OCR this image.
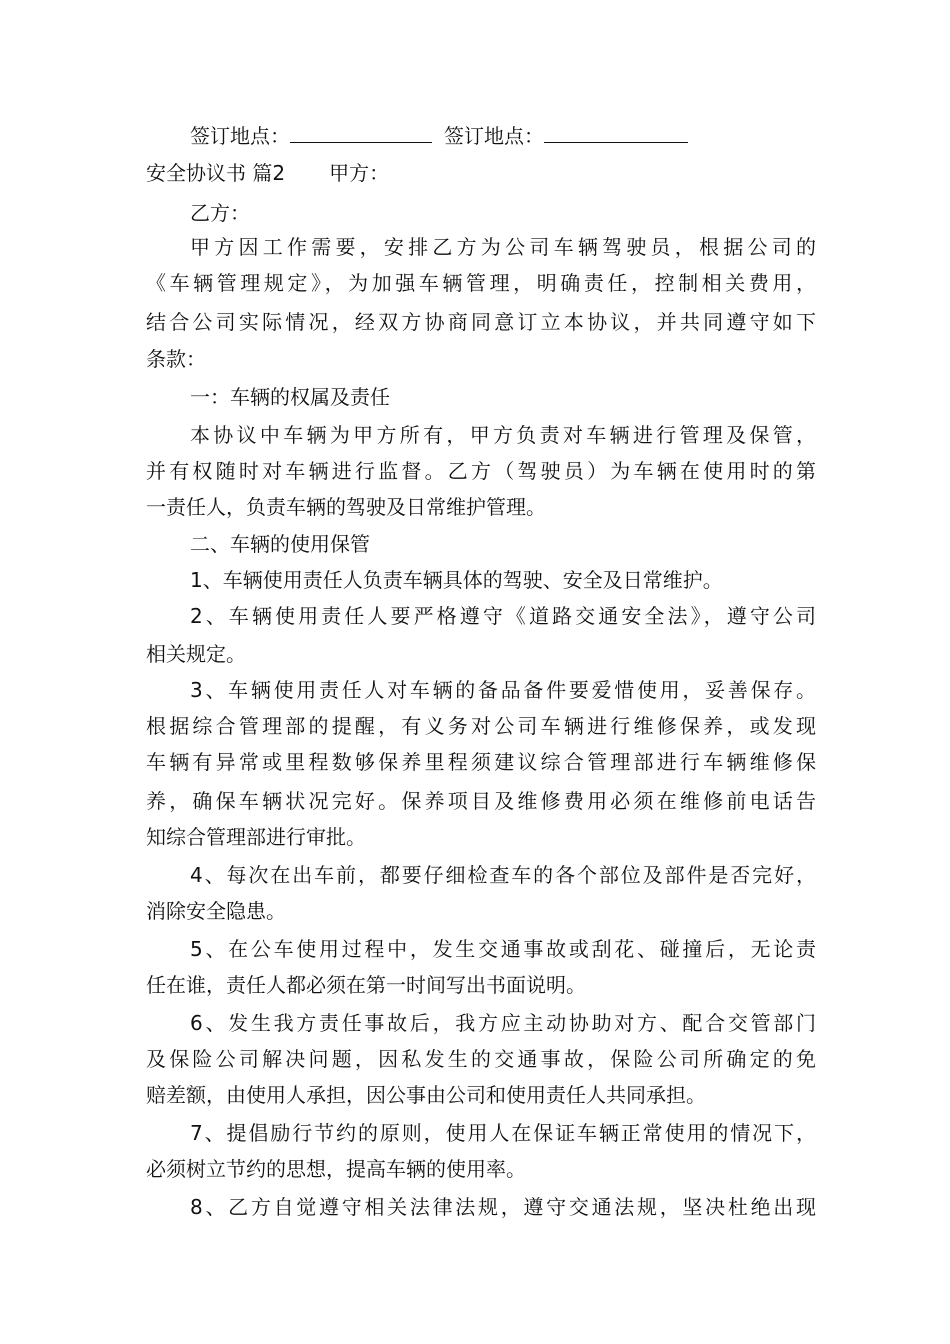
签订地点：	签订地点：
安全协议书 篇2 甲方：
乙方：
甲方因工作需要，安排乙方为公司车辆驾驶员，根据公司的
《车辆管理规定》，为加强车辆管理，明确责任，控制相关费用，
结合公司实际情况，经双方协商同意订立本协议，并共同遵守如下
条款：
一：车辆的权属及责任
本协议中车辆为甲方所有，甲方负责对车辆进行管理及保管，
并有权随时对车辆进行监督。乙方（驾驶员）为车辆在使用时的第
一责任人，负责车辆的驾驶及日常维护管理。
二、车辆的使用保管
1、车辆使用责任人负责车辆具体的驾驶、安全及日常维护。
2、车辆使用责任人要严格遵守《道路交通安全法》，遵守公司
相关规定。
3、车辆使用责任人对车辆的备品备件要爱惜使用，妥善保存。
根据综合管理部的提醒，有义务对公司车辆进行维修保养，或发现
车辆有异常或里程数够保养里程须建议综合管理部进行车辆维修保
养，确保车辆状况完好。保养项目及维修费用必须在维修前电话告
知综合管理部进行审批。
4、每次在出车前，都要仔细检查车的各个部位及部件是否完好，
消除安全隐患。
5、在公车使用过程中，发生交通事故或刮花、碰撞后，无论责
任在谁，责任人都必须在第一时间写出书面说明。
6、发生我方责任事故后，我方应主动协助对方、配合交管部门
及保险公司解决问题，因私发生的交通事故，保险公司所确定的免
赔差额，由使用人承担，因公事由公司和使用责任人共同承担。
7、提倡励行节约的原则，使用人在保证车辆正常使用的情况下，
必须树立节约的思想，提高车辆的使用率。
8、乙方自觉遵守相关法律法规，遵守交通法规，坚决杜绝出现
